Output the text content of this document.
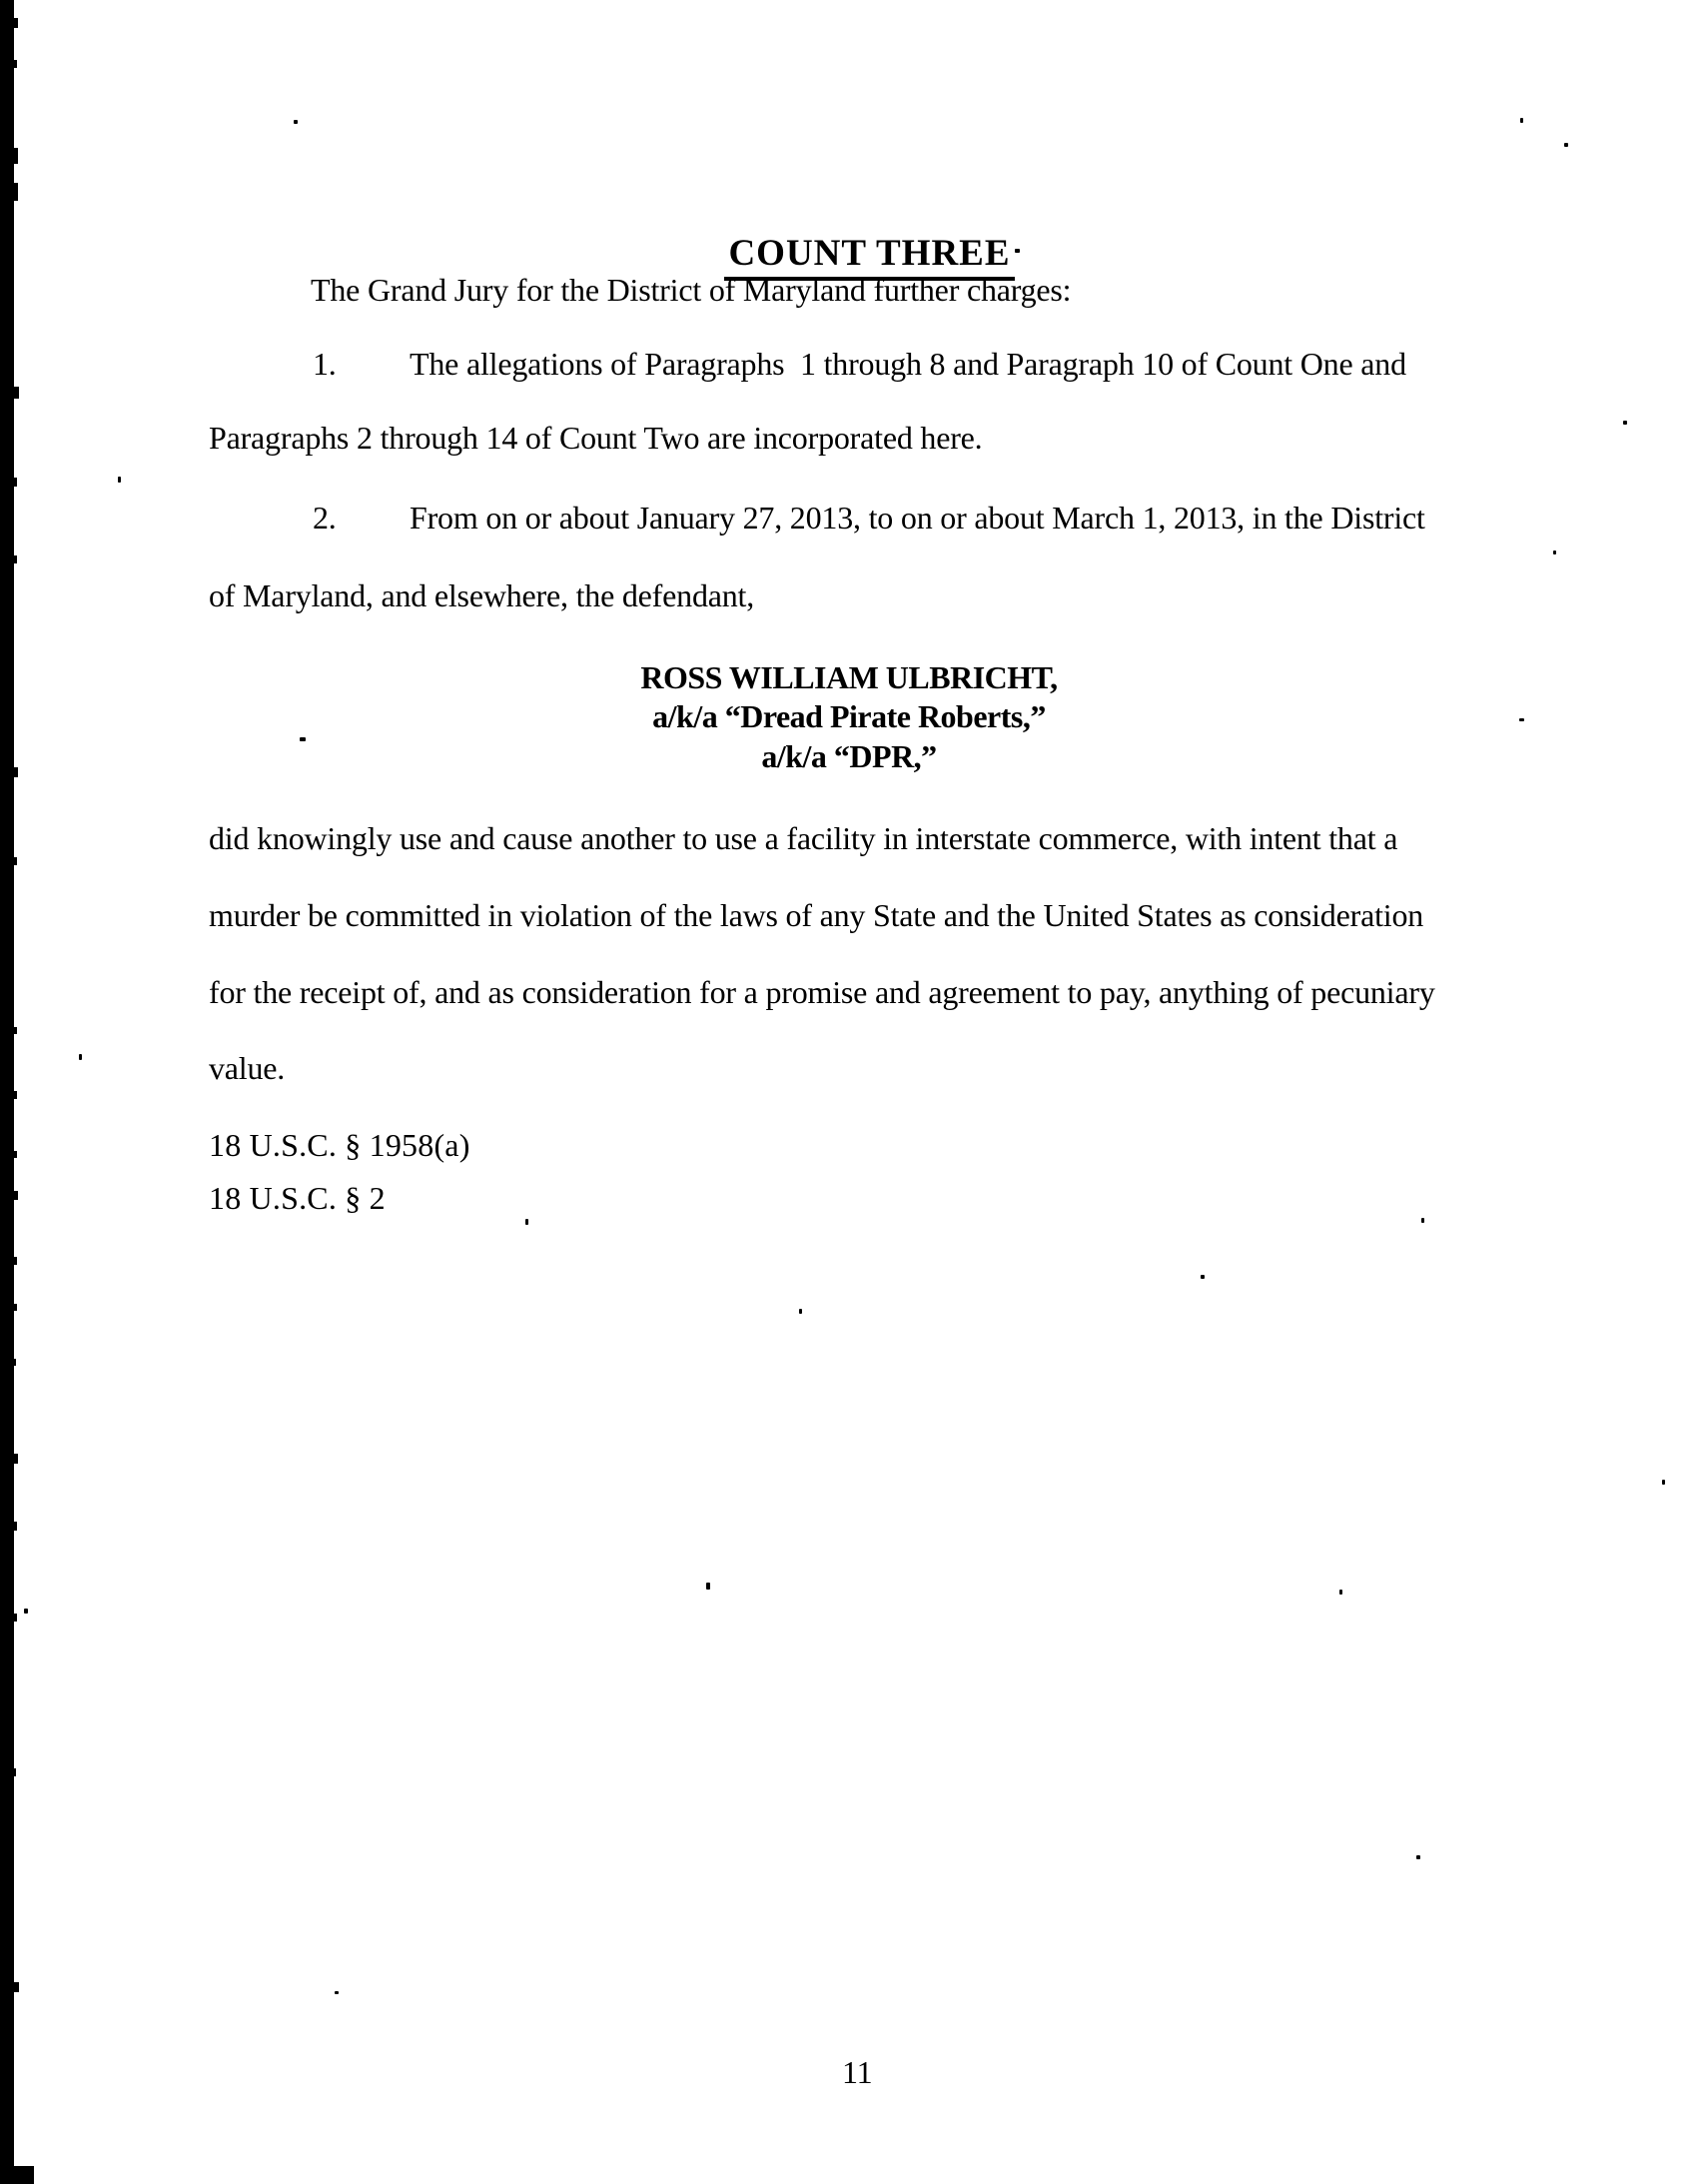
COUNT THREE

The Grand Jury for the District of Maryland further charges:
1. The allegations of Paragraphs  1 through 8 and Paragraph 10 of Count One and
Paragraphs 2 through 14 of Count Two are incorporated here.
2. From on or about January 27, 2013, to on or about March 1, 2013, in the District
of Maryland, and elsewhere, the defendant,
ROSS WILLIAM ULBRICHT,
a/k/a “Dread Pirate Roberts,”
a/k/a “DPR,”
did knowingly use and cause another to use a facility in interstate commerce, with intent that a
murder be committed in violation of the laws of any State and the United States as consideration
for the receipt of, and as consideration for a promise and agreement to pay, anything of pecuniary
value.
18 U.S.C. § 1958(a)
18 U.S.C. § 2
11
